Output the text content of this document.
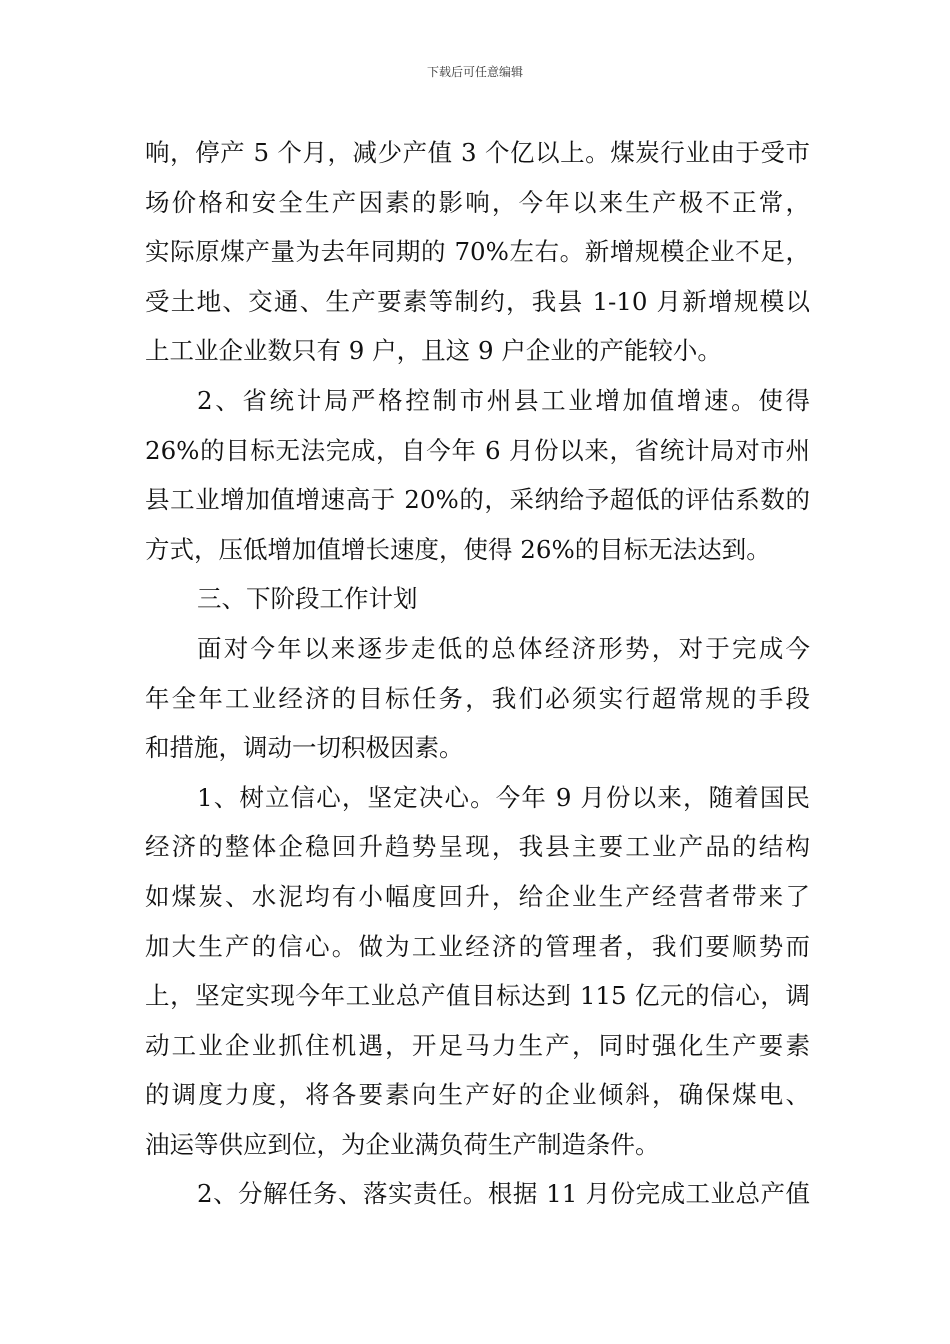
下载后可任意编辑
响，停产 5 个月，减少产值 3 个亿以上。煤炭行业由于受市
场价格和安全生产因素的影响，今年以来生产极不正常，
实际原煤产量为去年同期的 70%左右。新增规模企业不足，
受土地、交通、生产要素等制约，我县 1-10 月新增规模以
上工业企业数只有 9 户，且这 9 户企业的产能较小。
2、省统计局严格控制市州县工业增加值增速。使得
26%的目标无法完成，自今年 6 月份以来，省统计局对市州
县工业增加值增速高于 20%的，采纳给予超低的评估系数的
方式，压低增加值增长速度，使得 26%的目标无法达到。
三、下阶段工作计划
面对今年以来逐步走低的总体经济形势，对于完成今
年全年工业经济的目标任务，我们必须实行超常规的手段
和措施，调动一切积极因素。
1、树立信心，坚定决心。今年 9 月份以来，随着国民
经济的整体企稳回升趋势呈现，我县主要工业产品的结构
如煤炭、水泥均有小幅度回升，给企业生产经营者带来了
加大生产的信心。做为工业经济的管理者，我们要顺势而
上，坚定实现今年工业总产值目标达到 115 亿元的信心，调
动工业企业抓住机遇，开足马力生产，同时强化生产要素
的调度力度，将各要素向生产好的企业倾斜，确保煤电、
油运等供应到位，为企业满负荷生产制造条件。
2、分解任务、落实责任。根据 11 月份完成工业总产值
